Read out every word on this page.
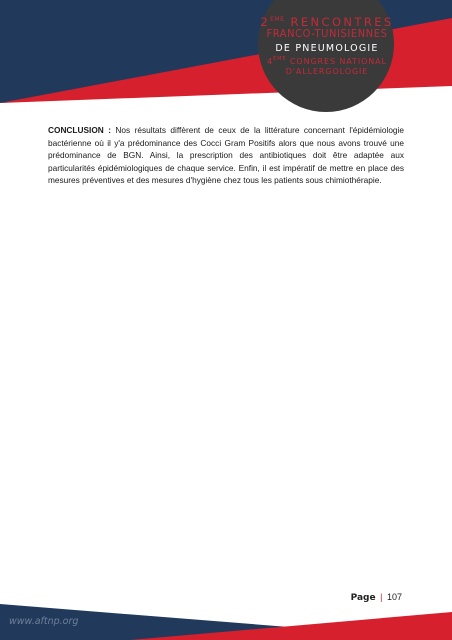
2ÈME RENCONTRES
FRANCO-TUNISIENNES
DE PNEUMOLOGIE
4ÈME CONGRES NATIONAL
D'ALLERGOLOGIE
CONCLUSION : Nos résultats diffèrent de ceux de la littérature concernant l'épidémiologie bactérienne où il y'a prédominance des Cocci Gram Positifs alors que nous avons trouvé une prédominance de BGN. Ainsi, la prescription des antibiotiques doit être adaptée aux particularités épidémiologiques de chaque service. Enfin, il est impératif de mettre en place des mesures préventives et des mesures d'hygiène chez tous les patients sous chimiothérapie.
Page | 107
www.aftnp.org
